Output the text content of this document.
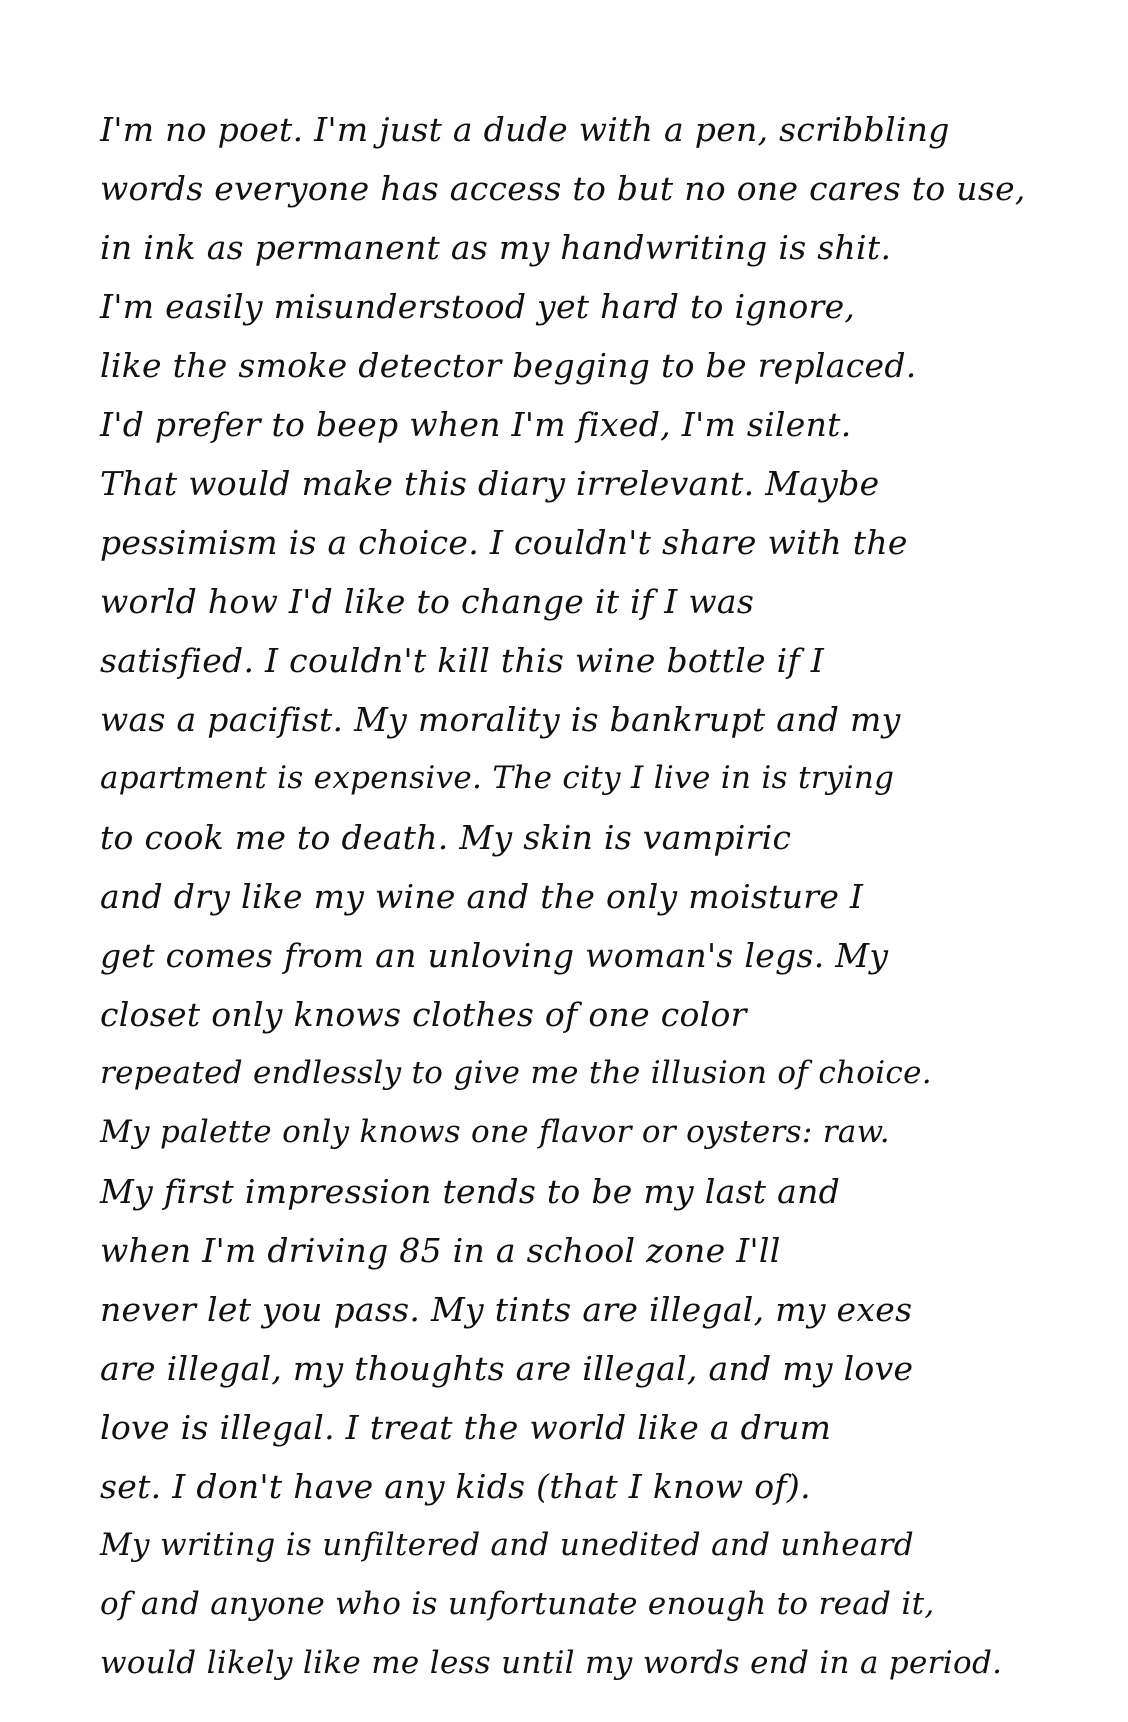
I'm no poet. I'm just a dude with a pen, scribbling
words everyone has access to but no one cares to use,
in ink as permanent as my handwriting is shit.
I'm easily misunderstood yet hard to ignore,
like the smoke detector begging to be replaced.
I'd prefer to beep when I'm fixed, I'm silent.
That would make this diary irrelevant. Maybe
pessimism is a choice. I couldn't share with the
world how I'd like to change it if I was
satisfied. I couldn't kill this wine bottle if I
was a pacifist. My morality is bankrupt and my
apartment is expensive. The city I live in is trying
to cook me to death. My skin is vampiric
and dry like my wine and the only moisture I
get comes from an unloving woman's legs. My
closet only knows clothes of one color
repeated endlessly to give me the illusion of choice.
My palette only knows one flavor or oysters: raw.
My first impression tends to be my last and
when I'm driving 85 in a school zone I'll
never let you pass. My tints are illegal, my exes
are illegal, my thoughts are illegal, and my love
love is illegal. I treat the world like a drum
set. I don't have any kids (that I know of).
My writing is unfiltered and unedited and unheard
of and anyone who is unfortunate enough to read it,
would likely like me less until my words end in a period.
